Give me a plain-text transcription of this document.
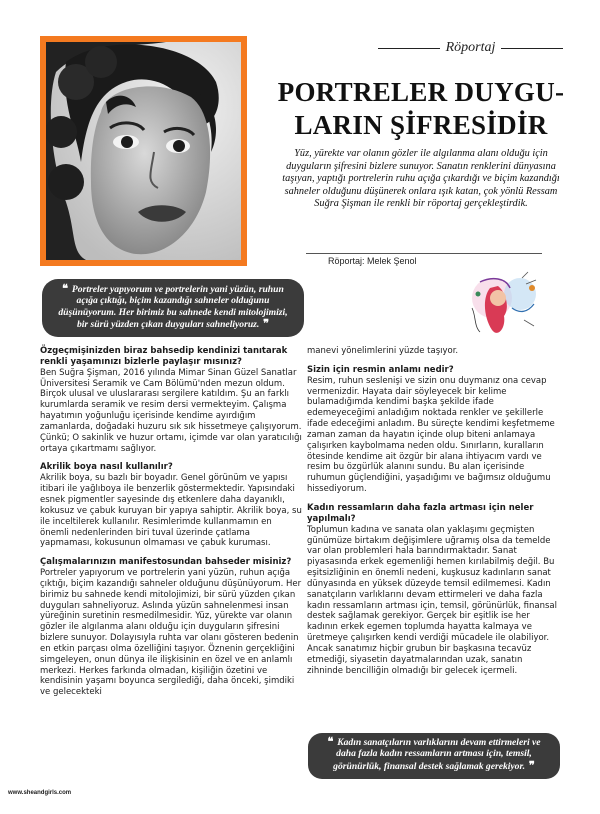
Röportaj
PORTRELER DUYGU-
LARIN ŞİFRESİDİR
Yüz, yürekte var olanın gözler ile algılanma alanı olduğu için duyguların şifresini bizlere sunuyor. Sanatın renklerini dünyasına taşıyan, yaptığı portrelerin ruhu açığa çıkardığı ve biçim kazandığı sahneler olduğunu düşünerek onlara ışık katan, çok yönlü Ressam Suğra Şişman ile renkli bir röportaj gerçekleştirdik.
Röportaj: Melek Şenol
❝ Portreler yapıyorum ve portrelerin yani yüzün, ruhun açığa çıktığı, biçim kazandığı sahneler olduğunu düşünüyorum. Her birimiz bu sahnede kendi mitolojimizi, bir sürü yüzden çıkan duyguları sahneliyoruz. ❞
Özgeçmişinizden biraz bahsedip kendinizi tanıtarak renkli yaşamınızı bizlerle paylaşır mısınız?
Ben Suğra Şişman, 2016 yılında Mimar Sinan Güzel Sanatlar Üniversitesi Seramik ve Cam Bölümü'nden mezun oldum. Birçok ulusal ve uluslararası sergilere katıldım. Şu an farklı kurumlarda seramik ve resim dersi vermekteyim. Çalışma hayatımın yoğunluğu içerisinde kendime ayırdığım zamanlarda, doğadaki huzuru sık sık hissetmeye çalışıyorum. Çünkü; O sakinlik ve huzur ortamı, içimde var olan yaratıcılığı ortaya çıkartmamı sağlıyor.
Akrilik boya nasıl kullanılır?
Akrilik boya, su bazlı bir boyadır. Genel görünüm ve yapısı itibari ile yağlıboya ile benzerlik göstermektedir. Yapısındaki esnek pigmentler sayesinde dış etkenlere daha dayanıklı, kokusuz ve çabuk kuruyan bir yapıya sahiptir. Akrilik boya, su ile inceltilerek kullanılır. Resimlerimde kullanmamın en önemli nedenlerinden biri tuval üzerinde çatlama yapmaması, kokusunun olmaması ve çabuk kuruması.
Çalışmalarınızın manifestosundan bahseder misiniz?
Portreler yapıyorum ve portrelerin yani yüzün, ruhun açığa çıktığı, biçim kazandığı sahneler olduğunu düşünüyorum. Her birimiz bu sahnede kendi mitolojimizi, bir sürü yüzden çıkan duyguları sahneliyoruz. Aslında yüzün sahnelenmesi insan yüreğinin suretinin resmedilmesidir. Yüz, yürekte var olanın gözler ile algılanma alanı olduğu için duyguların şifresini bizlere sunuyor. Dolayısıyla ruhta var olanı gösteren bedenin en etkin parçası olma özelliğini taşıyor. Öznenin gerçekliğini simgeleyen, onun dünya ile ilişkisinin en özel ve en anlamlı merkezi. Herkes farkında olmadan, kişiliğin özetini ve kendisinin yaşamı boyunca sergilediği, daha önceki, şimdiki ve gelecekteki
manevi yönelimlerini yüzde taşıyor.
Sizin için resmin anlamı nedir?
Resim, ruhun seslenişi ve sizin onu duymanız ona cevap vermenizdir. Hayata dair söyleyecek bir kelime bulamadığımda kendimi başka şekilde ifade edemeyeceğimi anladığım noktada renkler ve şekillerle ifade edeceğimi anladım. Bu süreçte kendimi keşfetmeme zaman zaman da hayatın içinde olup biteni anlamaya çalışırken kaybolmama neden oldu. Sınırların, kuralların ötesinde kendime ait özgür bir alana ihtiyacım vardı ve resim bu özgürlük alanını sundu. Bu alan içerisinde ruhumun güçlendiğini, yaşadığımı ve bağımsız olduğumu hissediyorum.
Kadın ressamların daha fazla artması için neler yapılmalı?
Toplumun kadına ve sanata olan yaklaşımı geçmişten günümüze birtakım değişimlere uğramış olsa da temelde var olan problemleri hala barındırmaktadır. Sanat piyasasında erkek egemenliği hemen kırılabilmiş değil. Bu eşitsizliğinin en önemli nedeni, kuşkusuz kadınların sanat dünyasında en yüksek düzeyde temsil edilmemesi. Kadın sanatçıların varlıklarını devam ettirmeleri ve daha fazla kadın ressamların artması için, temsil, görünürlük, finansal destek sağlamak gerekiyor. Gerçek bir eşitlik ise her kadının erkek egemen toplumda hayatta kalmaya ve üretmeye çalışırken kendi verdiği mücadele ile olabiliyor. Ancak sanatımız hiçbir grubun bir başkasına tecavüz etmediği, siyasetin dayatmalarından uzak, sanatın zihninde bencilliğin olmadığı bir gelecek içermeli.
❝ Kadın sanatçıların varlıklarını devam ettirmeleri ve daha fazla kadın ressamların artması için, temsil, görünürlük, finansal destek sağlamak gerekiyor. ❞
www.sheandgirls.com
